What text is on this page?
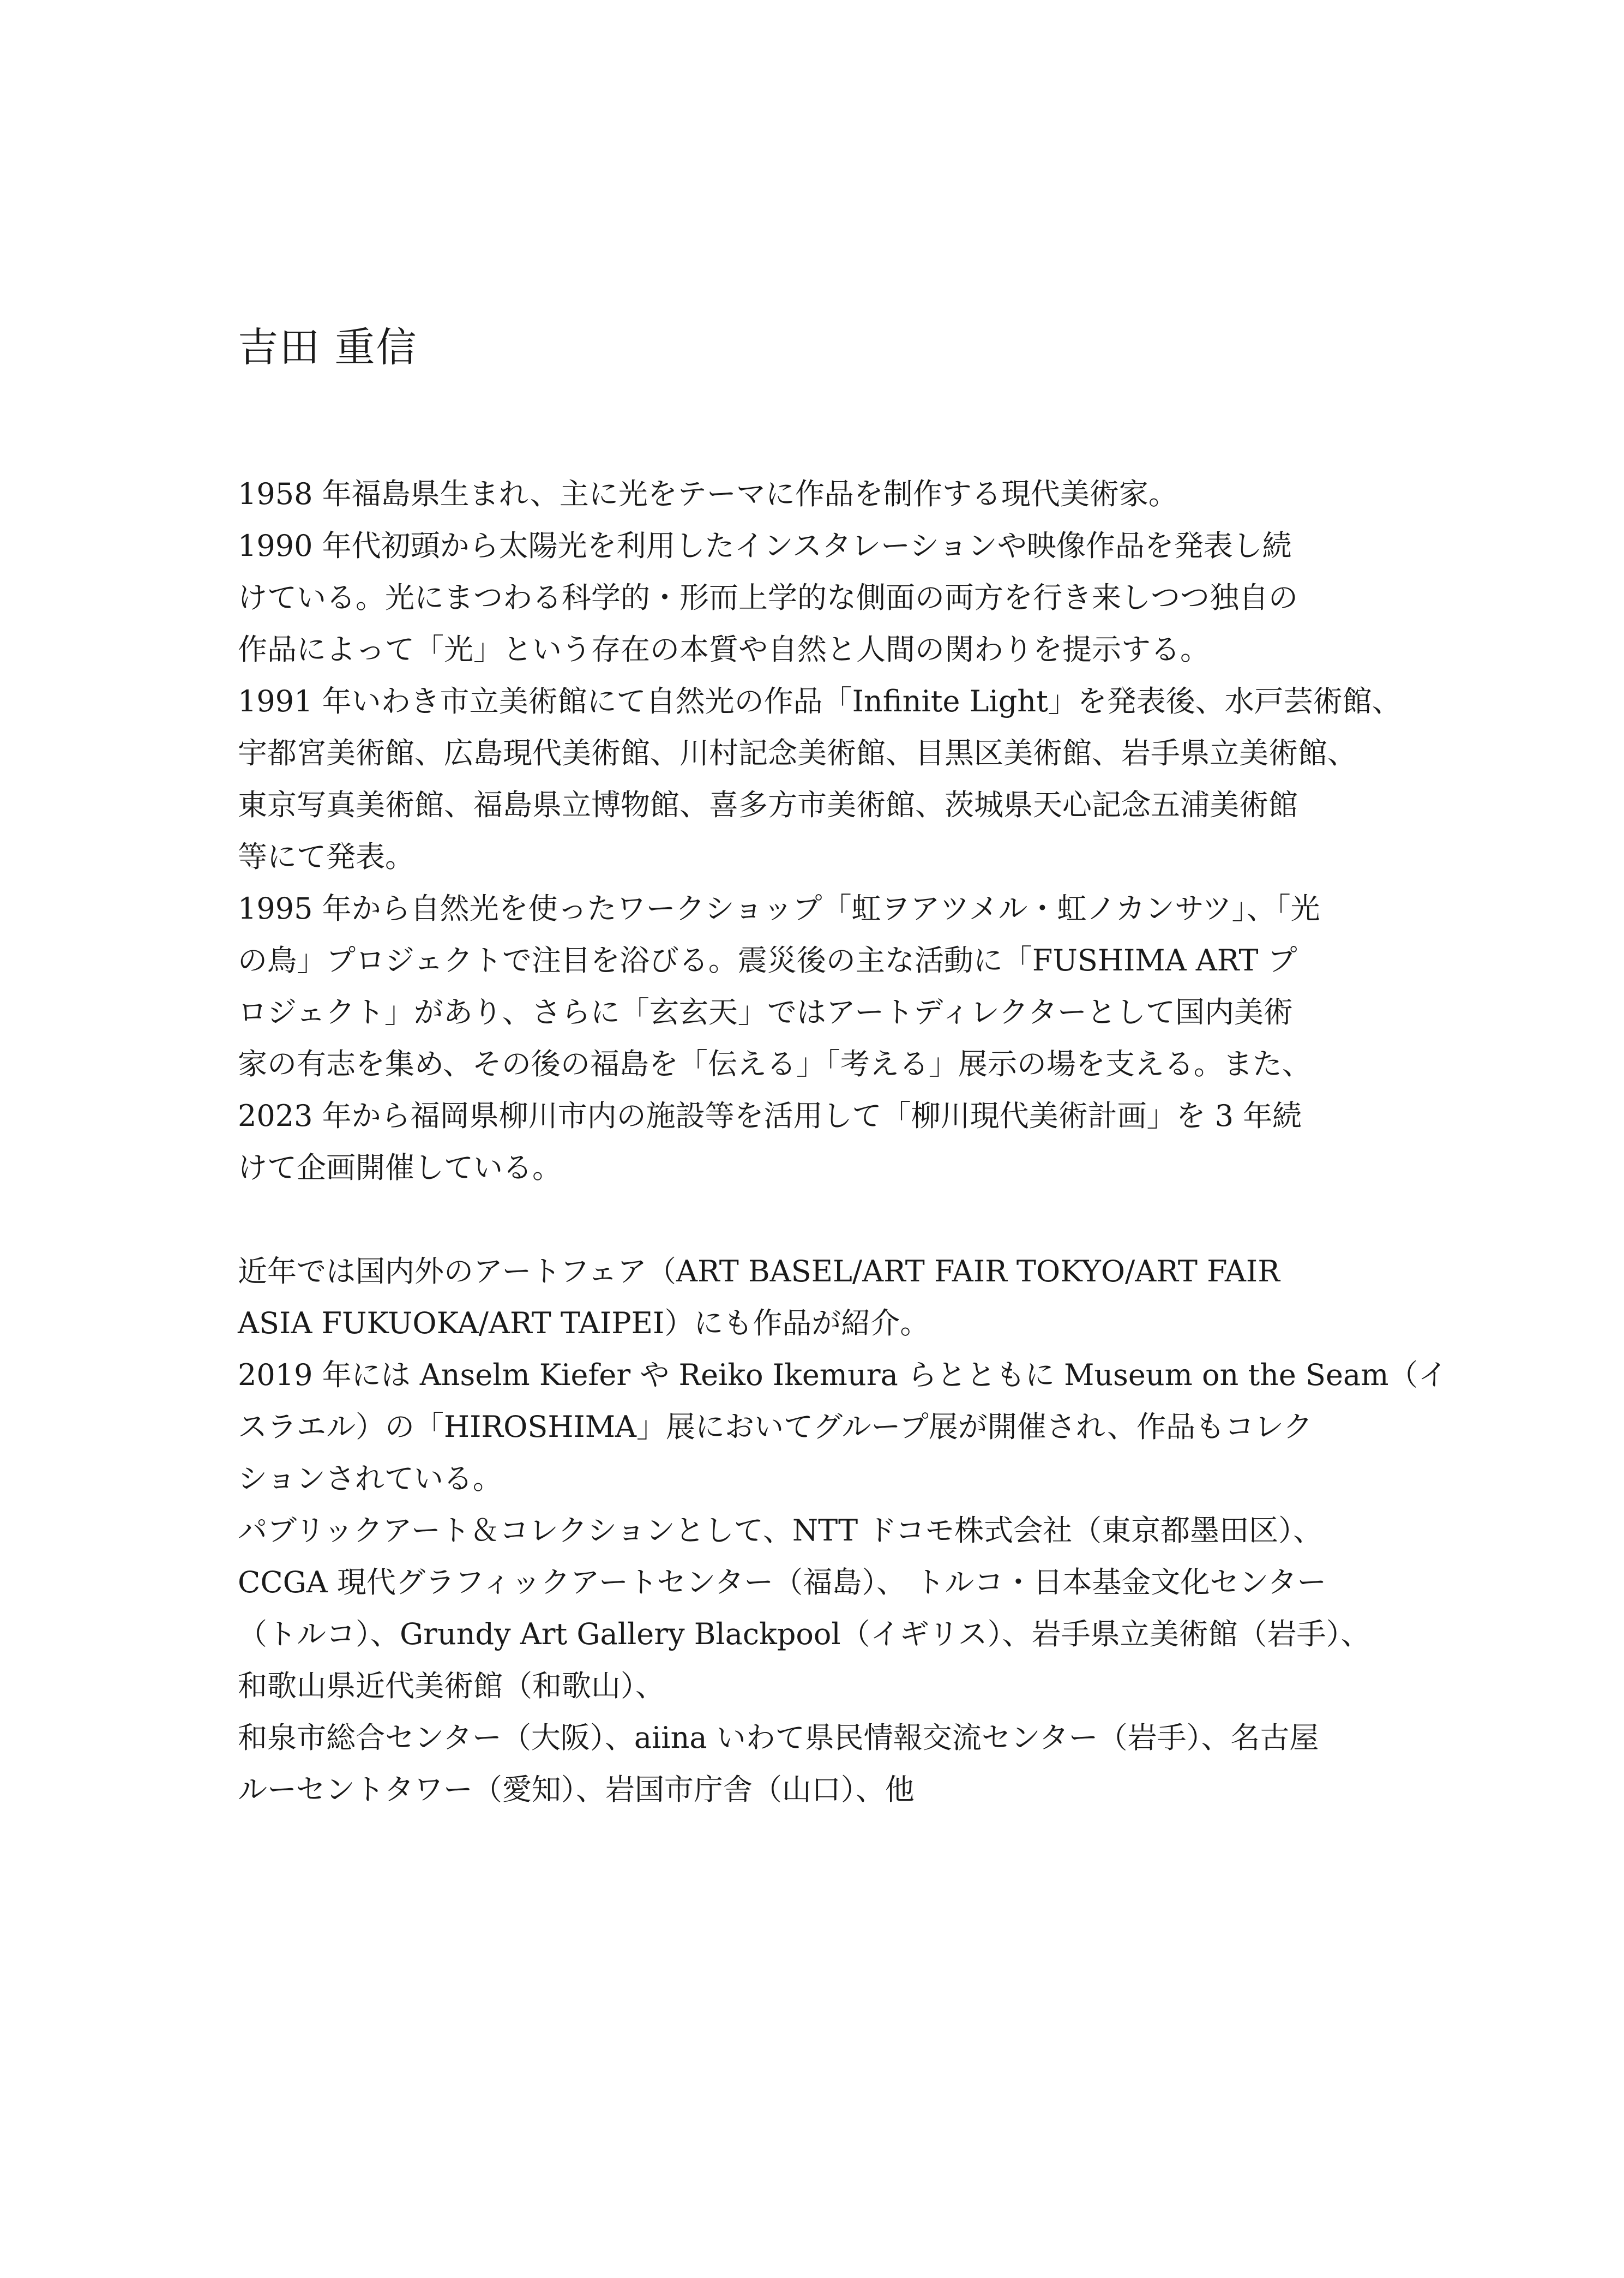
吉田 重信
1958 年福島県生まれ、主に光をテーマに作品を制作する現代美術家。
1990 年代初頭から太陽光を利用したインスタレーションや映像作品を発表し続
けている。光にまつわる科学的・形而上学的な側面の両方を行き来しつつ独自の
作品によって「光」という存在の本質や自然と人間の関わりを提示する。
1991 年いわき市立美術館にて自然光の作品「Infinite Light」を発表後、水戸芸術館、
宇都宮美術館、広島現代美術館、川村記念美術館、目黒区美術館、岩手県立美術館、
東京写真美術館、福島県立博物館、喜多方市美術館、茨城県天心記念五浦美術館
等にて発表。
1995 年から自然光を使ったワークショップ「虹ヲアツメル・虹ノカンサツ」、「光
の鳥」プロジェクトで注目を浴びる。震災後の主な活動に「FUSHIMA ART プ
ロジェクト」があり、さらに「玄玄天」ではアートディレクターとして国内美術
家の有志を集め、その後の福島を「伝える」「考える」展示の場を支える。また、
2023 年から福岡県柳川市内の施設等を活用して「柳川現代美術計画」を 3 年続
けて企画開催している。
近年では国内外のアートフェア（ART BASEL/ART FAIR TOKYO/ART FAIR
ASIA FUKUOKA/ART TAIPEI）にも作品が紹介。
2019 年には Anselm Kiefer や Reiko Ikemura らとともに Museum on the Seam（イ
スラエル）の「HIROSHIMA」展においてグループ展が開催され、作品もコレク
ションされている。
パブリックアート＆コレクションとして、NTT ドコモ株式会社（東京都墨田区）、
CCGA 現代グラフィックアートセンター（福島）、 トルコ・日本基金文化センター
（トルコ）、Grundy Art Gallery Blackpool（イギリス）、岩手県立美術館（岩手）、
和歌山県近代美術館（和歌山）、
和泉市総合センター（大阪）、aiina いわて県民情報交流センター（岩手）、名古屋
ルーセントタワー（愛知）、岩国市庁舎（山口）、他
